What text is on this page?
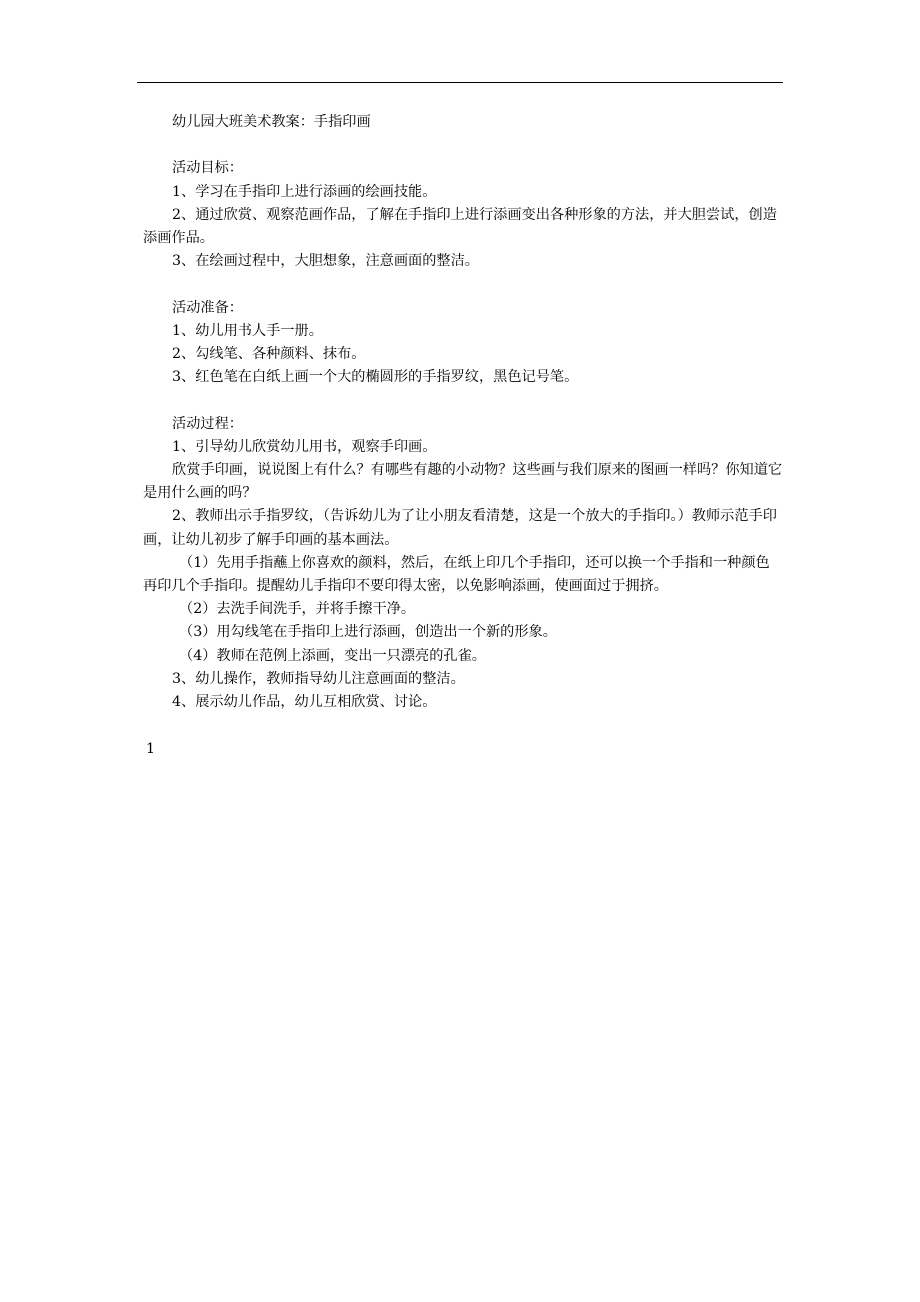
幼儿园大班美术教案：手指印画

活动目标：

1、学习在手指印上进行添画的绘画技能。

2、通过欣赏、观察范画作品，了解在手指印上进行添画变出各种形象的方法，并大胆尝试，创造添画作品。

3、在绘画过程中，大胆想象，注意画面的整洁。

活动准备：

1、幼儿用书人手一册。

2、勾线笔、各种颜料、抹布。

3、红色笔在白纸上画一个大的椭圆形的手指罗纹，黑色记号笔。

活动过程：

1、引导幼儿欣赏幼儿用书，观察手印画。

欣赏手印画，说说图上有什么？有哪些有趣的小动物？这些画与我们原来的图画一样吗？你知道它是用什么画的吗？

2、教师出示手指罗纹，（告诉幼儿为了让小朋友看清楚，这是一个放大的手指印。）教师示范手印画，让幼儿初步了解手印画的基本画法。

（1）先用手指蘸上你喜欢的颜料，然后，在纸上印几个手指印，还可以换一个手指和一种颜色再印几个手指印。提醒幼儿手指印不要印得太密，以免影响添画，使画面过于拥挤。

（2）去洗手间洗手，并将手擦干净。

（3）用勾线笔在手指印上进行添画，创造出一个新的形象。

（4）教师在范例上添画，变出一只漂亮的孔雀。

3、幼儿操作，教师指导幼儿注意画面的整洁。

4、展示幼儿作品，幼儿互相欣赏、讨论。

1
